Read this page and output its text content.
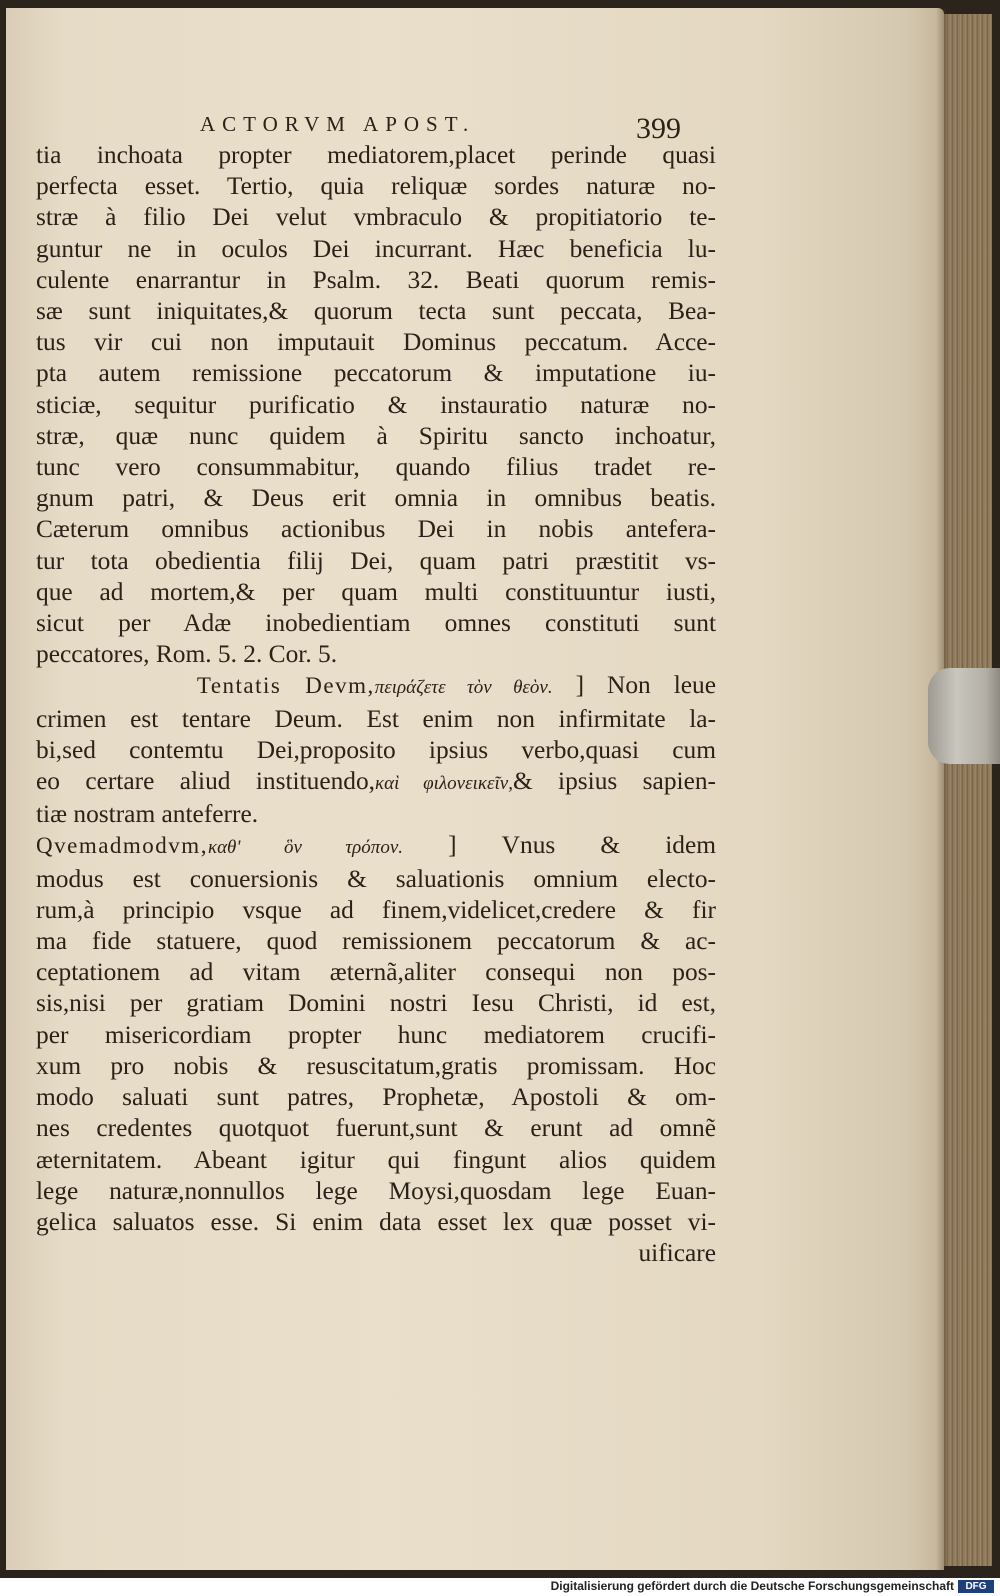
ACTORVM APOST.	399
tia inchoata propter mediatorem,placet perinde quasi
perfecta esset. Tertio, quia reliquæ sordes naturæ no-
stræ à filio Dei velut vmbraculo & propitiatorio te-
guntur ne in oculos Dei incurrant. Hæc beneficia lu-
culente enarrantur in Psalm. 32. Beati quorum remis-
sæ sunt iniquitates,& quorum tecta sunt peccata, Bea-
tus vir cui non imputauit Dominus peccatum. Acce-
pta autem remissione peccatorum & imputatione iu-
sticiæ, sequitur purificatio & instauratio naturæ no-
stræ, quæ nunc quidem à Spiritu sancto inchoatur,
tunc vero consummabitur, quando filius tradet re-
gnum patri, & Deus erit omnia in omnibus beatis.
Cæterum omnibus actionibus Dei in nobis antefera-
tur tota obedientia filij Dei, quam patri præstitit vs-
que ad mortem,& per quam multi constituuntur iusti,
sicut per Adæ inobedientiam omnes constituti sunt
peccatores, Rom. 5. 2. Cor. 5.
Tentatis Devm,πειράζετε τὸν θεὸν. ] Non leue
crimen est tentare Deum. Est enim non infirmitate la-
bi,sed contemtu Dei,proposito ipsius verbo,quasi cum
eo certare aliud instituendo,καὶ φιλονεικεῖν,& ipsius sapien-
tiæ nostram anteferre.
Qvemadmodvm,καθ' ὃν τρόπον. ] Vnus & idem
modus est conuersionis & saluationis omnium electo-
rum,à principio vsque ad finem,videlicet,credere & fir
ma fide statuere, quod remissionem peccatorum & ac-
ceptationem ad vitam æternã,aliter consequi non pos-
sis,nisi per gratiam Domini nostri Iesu Christi, id est,
per misericordiam propter hunc mediatorem crucifi-
xum pro nobis & resuscitatum,gratis promissam. Hoc
modo saluati sunt patres, Prophetæ, Apostoli & om-
nes credentes quotquot fuerunt,sunt & erunt ad omnẽ
æternitatem. Abeant igitur qui fingunt alios quidem
lege naturæ,nonnullos lege Moysi,quosdam lege Euan-
gelica saluatos esse. Si enim data esset lex quæ posset vi-
uificare
Digitalisierung gefördert durch die Deutsche Forschungsgemeinschaft	DFG
